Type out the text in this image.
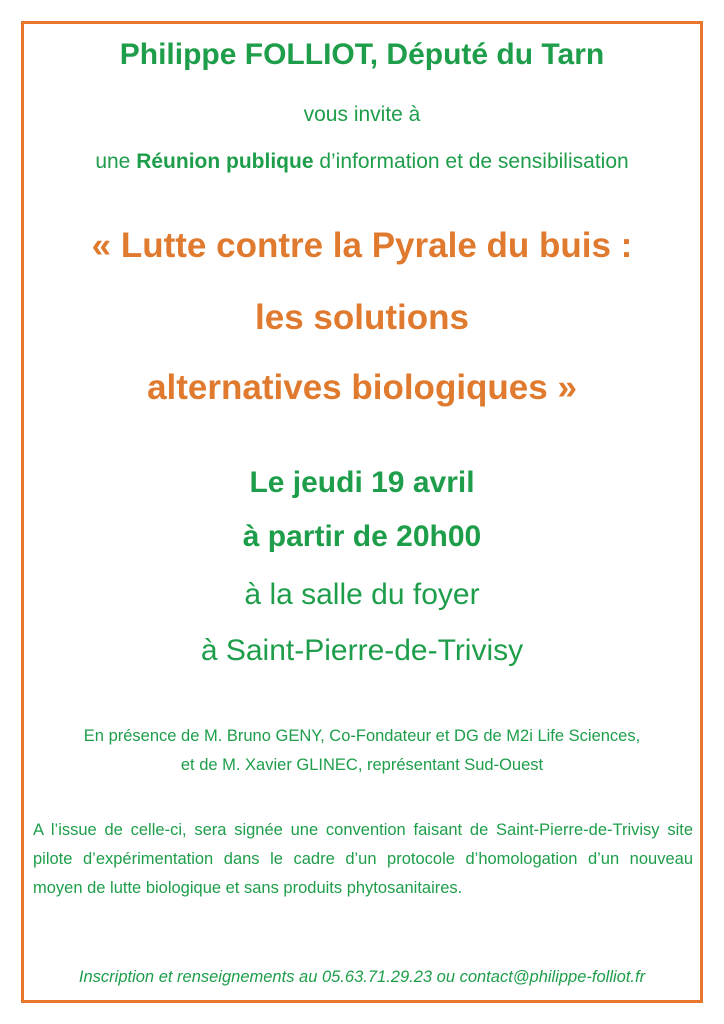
Philippe FOLLIOT, Député du Tarn
vous invite à
une Réunion publique d’information et de sensibilisation
« Lutte contre la Pyrale du buis :
les solutions
alternatives biologiques »
Le jeudi 19 avril
à partir de 20h00
à la salle du foyer
à Saint-Pierre-de-Trivisy
En présence de M. Bruno GENY, Co-Fondateur et DG de M2i Life Sciences,
et de M. Xavier GLINEC, représentant Sud-Ouest
A l’issue de celle-ci, sera signée une convention faisant de Saint-Pierre-de-Trivisy site pilote d’expérimentation dans le cadre d’un protocole d’homologation d’un nouveau moyen de lutte biologique et sans produits phytosanitaires.
Inscription et renseignements au 05.63.71.29.23 ou contact@philippe-folliot.fr
